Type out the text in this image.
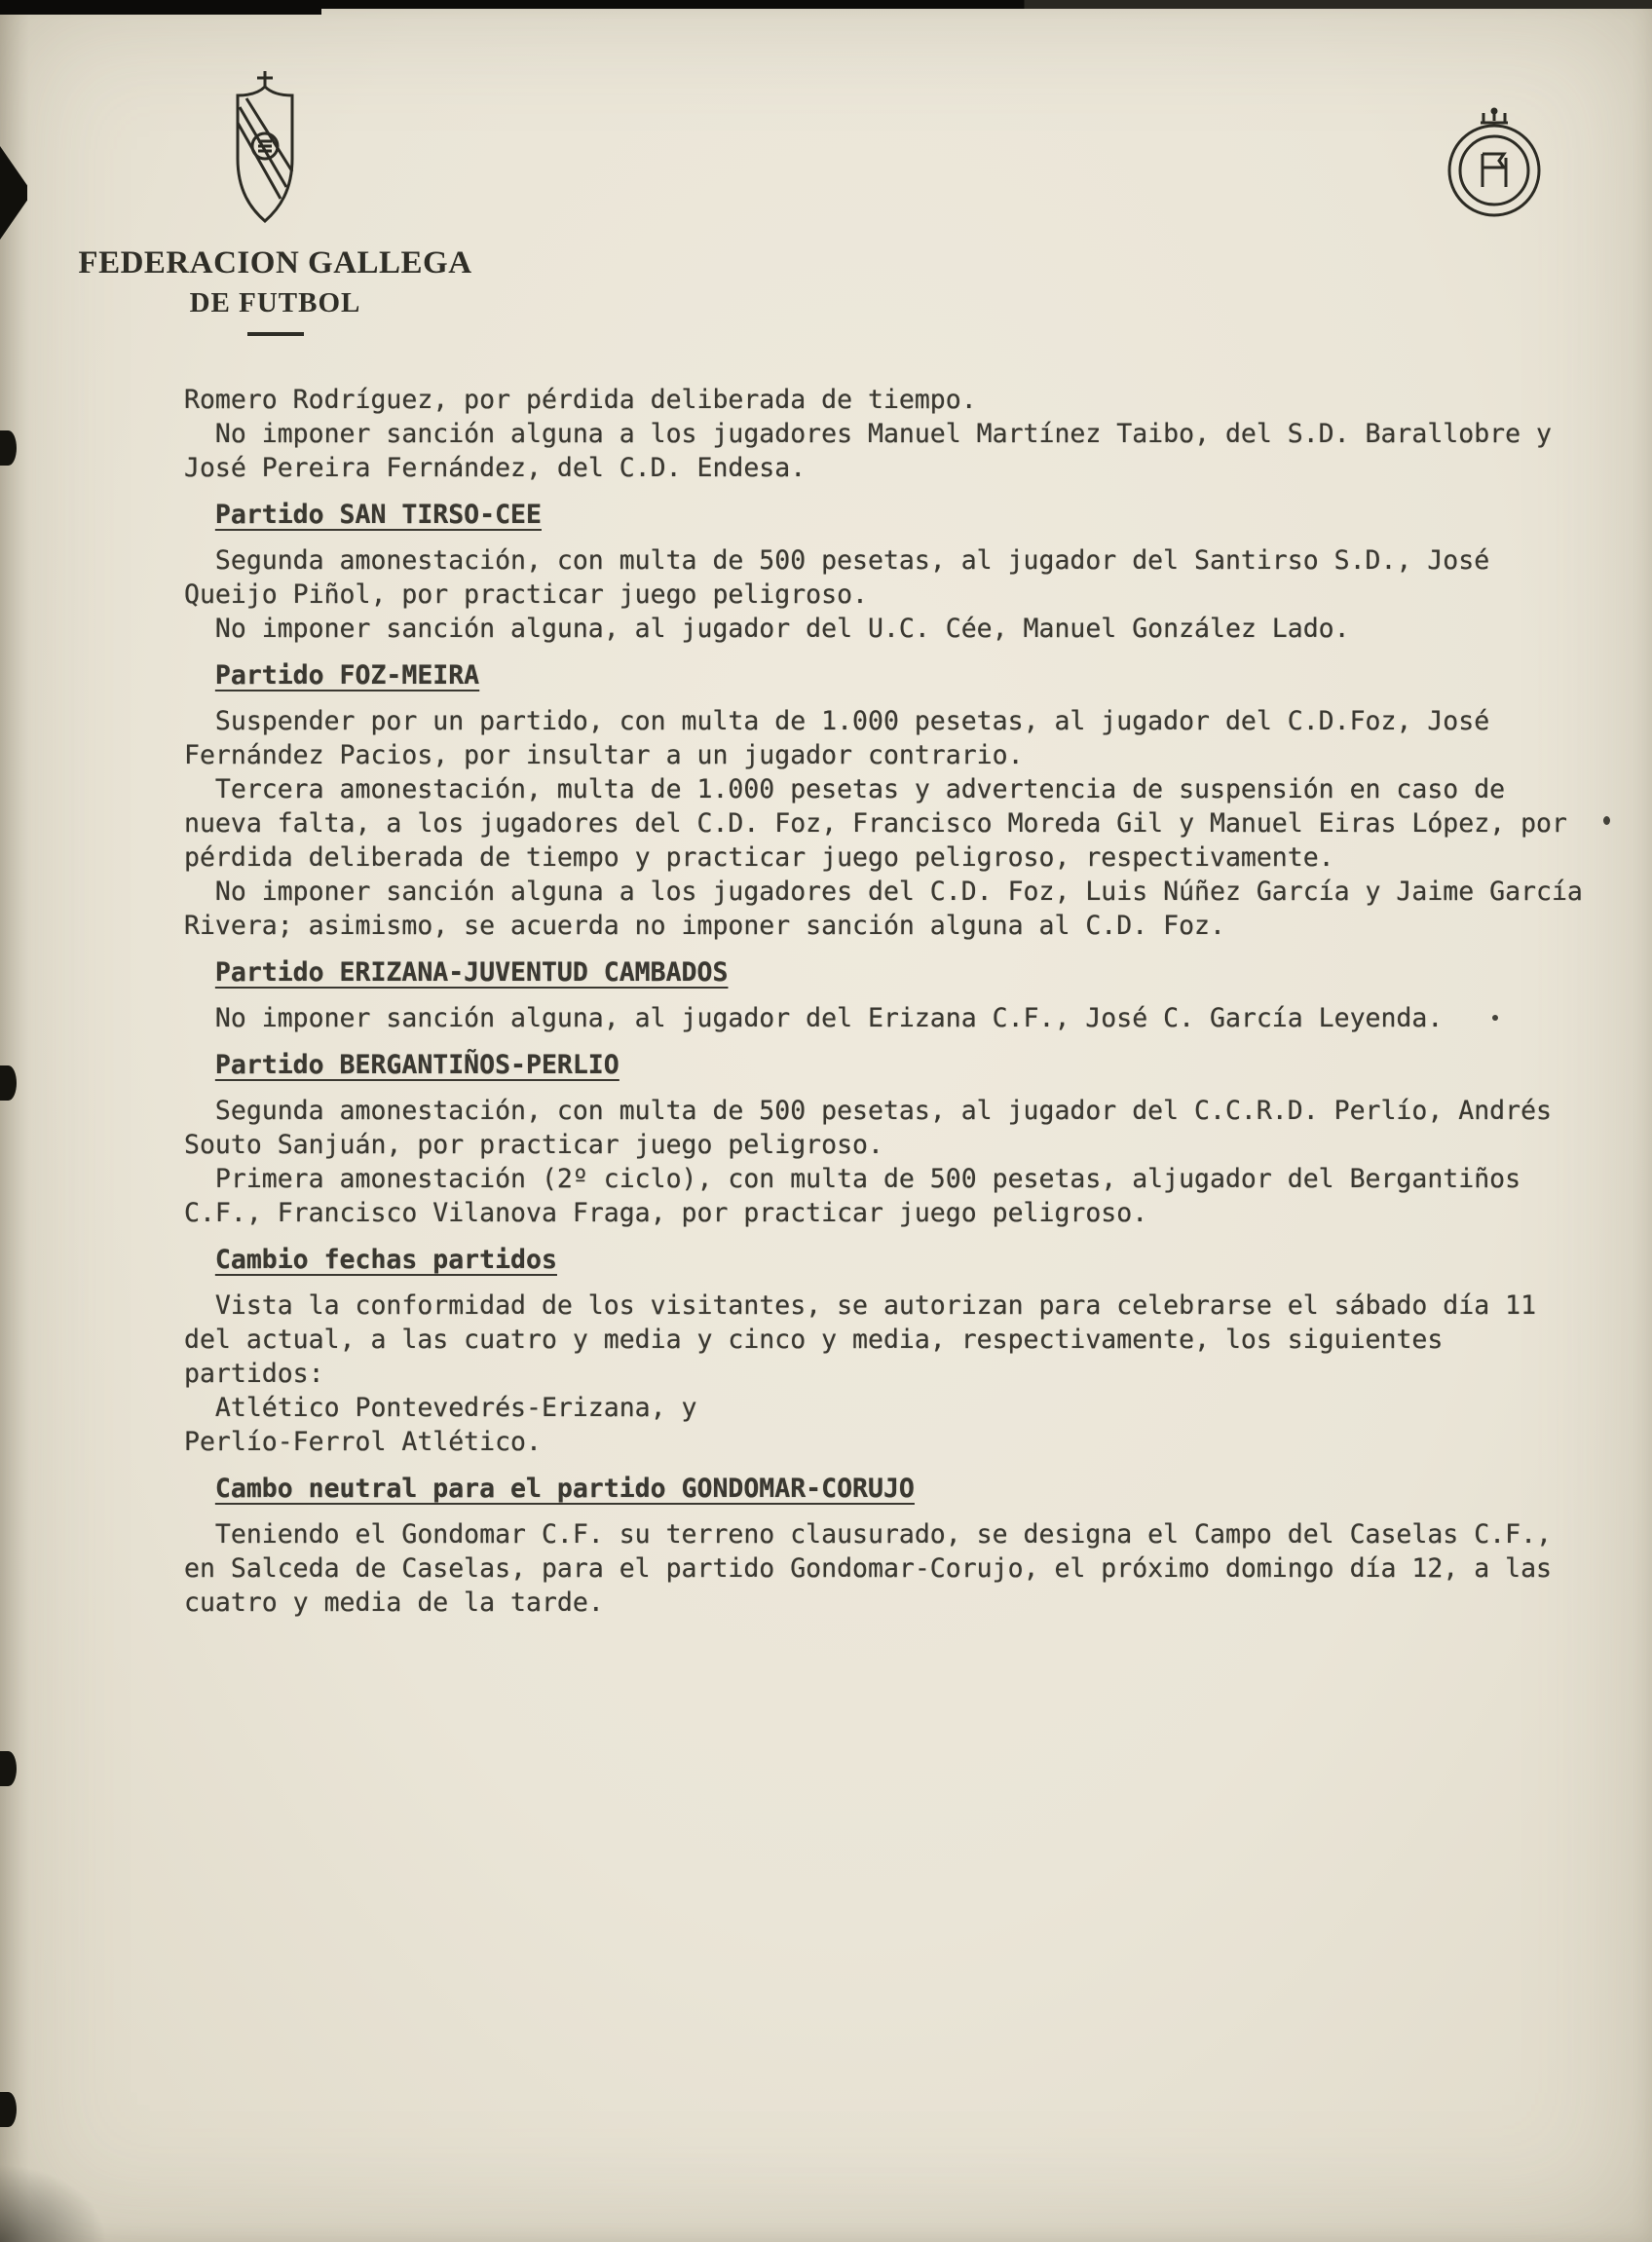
FEDERACION GALLEGA
DE FUTBOL

Romero Rodríguez, por pérdida deliberada de tiempo.

No imponer sanción alguna a los jugadores Manuel Martínez Taibo, del S.D. Barallobre y José Pereira Fernández, del C.D. Endesa.

Partido SAN TIRSO-CEE

Segunda amonestación, con multa de 500 pesetas, al jugador del Santirso S.D., José Queijo Piñol, por practicar juego peligroso.

No imponer sanción alguna, al jugador del U.C. Cée, Manuel González Lado.

Partido FOZ-MEIRA

Suspender por un partido, con multa de 1.000 pesetas, al jugador del C.D.Foz, José Fernández Pacios, por insultar a un jugador contrario.

Tercera amonestación, multa de 1.000 pesetas y advertencia de suspensión en caso de nueva falta, a los jugadores del C.D. Foz, Francisco Moreda Gil y Manuel Eiras López, por pérdida deliberada de tiempo y practicar juego peligroso, respectivamente.

No imponer sanción alguna a los jugadores del C.D. Foz, Luis Núñez García y Jaime García Rivera; asimismo, se acuerda no imponer sanción alguna al C.D. Foz.

Partido ERIZANA-JUVENTUD CAMBADOS

No imponer sanción alguna, al jugador del Erizana C.F., José C. García Leyenda.

Partido BERGANTIÑOS-PERLIO

Segunda amonestación, con multa de 500 pesetas, al jugador del C.C.R.D. Perlío, Andrés Souto Sanjuán, por practicar juego peligroso.

Primera amonestación (2º ciclo), con multa de 500 pesetas, aljugador del Bergantiños C.F., Francisco Vilanova Fraga, por practicar juego peligroso.

Cambio fechas partidos

Vista la conformidad de los visitantes, se autorizan para celebrarse el sábado día 11 del actual, a las cuatro y media y cinco y media, respectivamente, los siguientes partidos:

Atlético Pontevedrés-Erizana, y

Perlío-Ferrol Atlético.

Cambo neutral para el partido GONDOMAR-CORUJO

Teniendo el Gondomar C.F. su terreno clausurado, se designa el Campo del Caselas C.F., en Salceda de Caselas, para el partido Gondomar-Corujo, el próximo domingo día 12, a las cuatro y media de la tarde.
